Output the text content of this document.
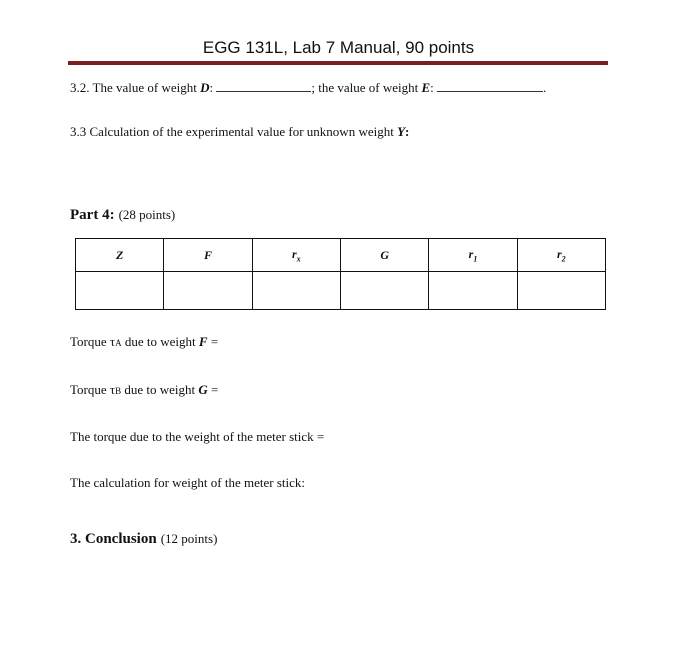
EGG 131L, Lab 7 Manual, 90 points
3.2. The value of weight D:	; the value of weight E:	.
3.3 Calculation of the experimental value for unknown weight Y:
Part 4: (28 points)
Z	F	$r_x$	G	$r_1$	$r_2$

Torque τA due to weight F =
Torque τB due to weight G =
The torque due to the weight of the meter stick =
The calculation for weight of the meter stick:
3. Conclusion (12 points)
